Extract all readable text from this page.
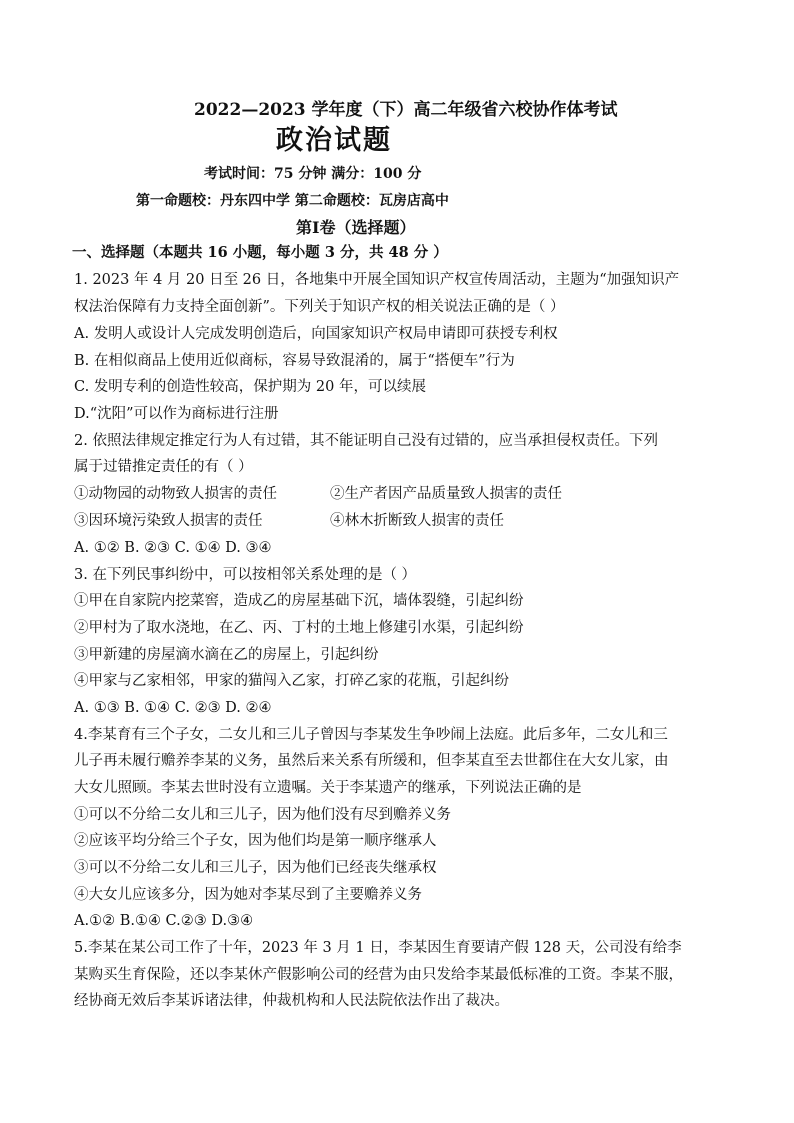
2022—2023 学年度（下）高二年级省六校协作体考试
政治试题
考试时间：75 分钟 满分：100 分
第一命题校：丹东四中学 第二命题校：瓦房店高中
第Ⅰ卷（选择题）
一、选择题（本题共 16 小题，每小题 3 分，共 48 分 ）
1. 2023 年 4 月 20 日至 26 日，各地集中开展全国知识产权宣传周活动，主题为“加强知识产
权法治保障有力支持全面创新”。下列关于知识产权的相关说法正确的是（ ）
A. 发明人或设计人完成发明创造后，向国家知识产权局申请即可获授专利权
B. 在相似商品上使用近似商标，容易导致混淆的，属于“搭便车”行为
C. 发明专利的创造性较高，保护期为 20 年，可以续展
D.“沈阳”可以作为商标进行注册
2. 依照法律规定推定行为人有过错，其不能证明自己没有过错的，应当承担侵权责任。下列
属于过错推定责任的有（ ）
①动物园的动物致人损害的责任	②生产者因产品质量致人损害的责任
③因环境污染致人损害的责任	④林木折断致人损害的责任
A. ①② B. ②③ C. ①④ D. ③④
3. 在下列民事纠纷中，可以按相邻关系处理的是（ ）
①甲在自家院内挖菜窖，造成乙的房屋基础下沉，墙体裂缝，引起纠纷
②甲村为了取水浇地，在乙、丙、丁村的土地上修建引水渠，引起纠纷
③甲新建的房屋滴水滴在乙的房屋上，引起纠纷
④甲家与乙家相邻，甲家的猫闯入乙家，打碎乙家的花瓶，引起纠纷
A. ①③ B. ①④ C. ②③ D. ②④
4.李某育有三个子女，二女儿和三儿子曾因与李某发生争吵闹上法庭。此后多年，二女儿和三
儿子再未履行赡养李某的义务，虽然后来关系有所缓和，但李某直至去世都住在大女儿家，由
大女儿照顾。李某去世时没有立遗嘱。关于李某遗产的继承，下列说法正确的是
①可以不分给二女儿和三儿子，因为他们没有尽到赡养义务
②应该平均分给三个子女，因为他们均是第一顺序继承人
③可以不分给二女儿和三儿子，因为他们已经丧失继承权
④大女儿应该多分，因为她对李某尽到了主要赡养义务
A.①② B.①④ C.②③ D.③④
5.李某在某公司工作了十年，2023 年 3 月 1 日，李某因生育要请产假 128 天，公司没有给李
某购买生育保险，还以李某休产假影响公司的经营为由只发给李某最低标准的工资。李某不服，
经协商无效后李某诉诸法律，仲裁机构和人民法院依法作出了裁决。
